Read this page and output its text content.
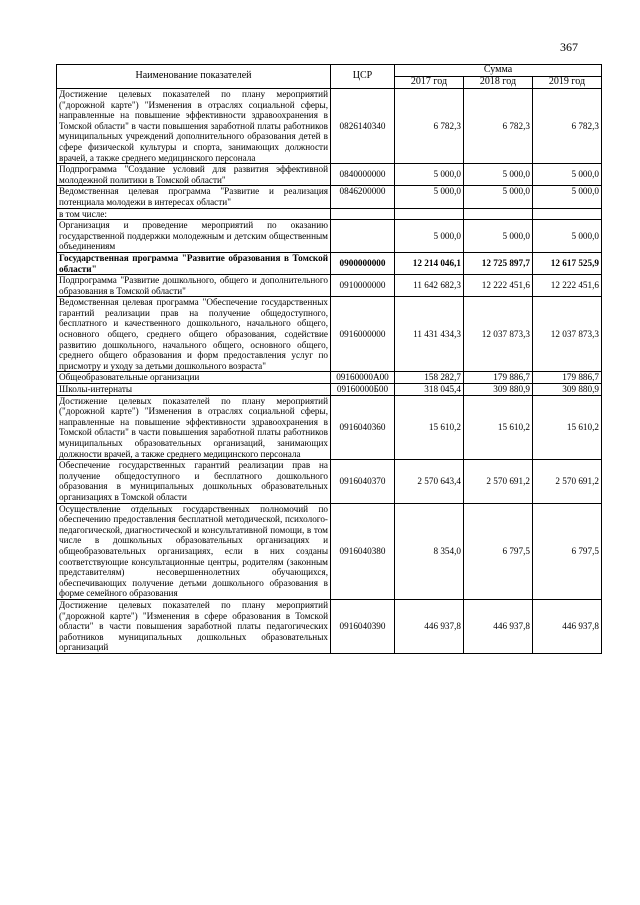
367
Наименование показателей	ЦСР	Сумма		
		2017 год	2018 год	2019 год
Достижение целевых показателей по плану мероприятий ("дорожной карте") "Изменения в отраслях социальной сферы, направленные на повышение эффективности здравоохранения в Томской области" в части повышения заработной платы работников муниципальных учреждений дополнительного образования детей в сфере физической культуры и спорта, занимающих должности врачей, а также среднего медицинского персонала	0826140340	6 782,3	6 782,3	6 782,3
Подпрограмма "Создание условий для развития эффективной молодежной политики в Томской области"	0840000000	5 000,0	5 000,0	5 000,0
Ведомственная целевая программа "Развитие и реализация потенциала молодежи в интересах области"	0846200000	5 000,0	5 000,0	5 000,0
в том числе:				
Организация и проведение мероприятий по оказанию государственной поддержки молодежным и детским общественным объединениям		5 000,0	5 000,0	5 000,0
Государственная программа "Развитие образования в Томской области"	0900000000	12 214 046,1	12 725 897,7	12 617 525,9
Подпрограмма "Развитие дошкольного, общего и дополнительного образования в Томской области"	0910000000	11 642 682,3	12 222 451,6	12 222 451,6
Ведомственная целевая программа "Обеспечение государственных гарантий реализации прав на получение общедоступного, бесплатного и качественного дошкольного, начального общего, основного общего, среднего общего образования, содействие развитию дошкольного, начального общего, основного общего, среднего общего образования и форм предоставления услуг по присмотру и уходу за детьми дошкольного возраста"	0916000000	11 431 434,3	12 037 873,3	12 037 873,3
Общеобразовательные организации	09160000А00	158 282,7	179 886,7	179 886,7
Школы-интернаты	09160000Б00	318 045,4	309 880,9	309 880,9
Достижение целевых показателей по плану мероприятий ("дорожной карте") "Изменения в отраслях социальной сферы, направленные на повышение эффективности здравоохранения в Томской области" в части повышения заработной платы работников муниципальных образовательных организаций, занимающих должности врачей, а также среднего медицинского персонала	0916040360	15 610,2	15 610,2	15 610,2
Обеспечение государственных гарантий реализации прав на получение общедоступного и бесплатного дошкольного образования в муниципальных дошкольных образовательных организациях в Томской области	0916040370	2 570 643,4	2 570 691,2	2 570 691,2
Осуществление отдельных государственных полномочий по обеспечению предоставления бесплатной методической, психолого-педагогической, диагностической и консультативной помощи, в том числе в дошкольных образовательных организациях и общеобразовательных организациях, если в них созданы соответствующие консультационные центры, родителям (законным представителям) несовершеннолетних обучающихся, обеспечивающих получение детьми дошкольного образования в форме семейного образования	0916040380	8 354,0	6 797,5	6 797,5
Достижение целевых показателей по плану мероприятий ("дорожной карте") "Изменения в сфере образования в Томской области" в части повышения заработной платы педагогических работников муниципальных дошкольных образовательных организаций	0916040390	446 937,8	446 937,8	446 937,8
